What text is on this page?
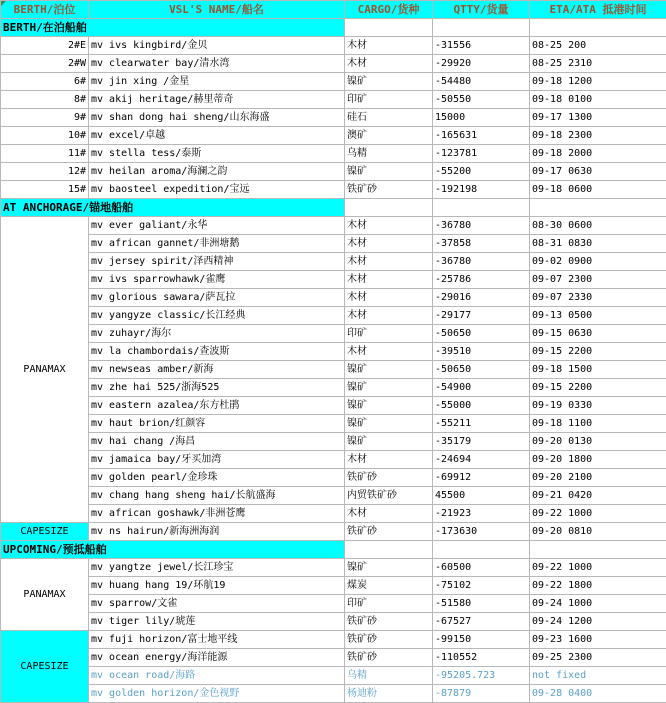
BERTH/泊位	VSL'S NAME/船名	CARGO/货种	QTTY/货量	ETA/ATA 抵港时间
BERTH/在泊船舶				
2#E	mv ivs kingbird/金贝	木材	-31556	08-25 200
2#W	mv clearwater bay/清水湾	木材	-29920	08-25 2310
6#	mv jin xing /金星	镍矿	-54480	09-18 1200
8#	mv akij heritage/赫里蒂奇	印矿	-50550	09-18 0100
9#	mv shan dong hai sheng/山东海盛	硅石	15000	09-17 1300
10#	mv excel/卓越	澳矿	-165631	09-18 2300
11#	mv stella tess/泰斯	乌精	-123781	09-18 2000
12#	mv heilan aroma/海澜之韵	镍矿	-55200	09-17 0630
15#	mv baosteel expedition/宝远	铁矿砂	-192198	09-18 0600
AT ANCHORAGE/锚地船舶				
PANAMAX	mv ever galiant/永华	木材	-36780	08-30 0600
	mv african gannet/非洲塘鹅	木材	-37858	08-31 0830
	mv jersey spirit/泽西精神	木材	-36780	09-02 0900
	mv ivs sparrowhawk/雀鹰	木材	-25786	09-07 2300
	mv glorious sawara/萨瓦拉	木材	-29016	09-07 2330
	mv yangyze classic/长江经典	木材	-29177	09-13 0500
	mv zuhayr/海尔	印矿	-50650	09-15 0630
	mv la chambordais/查波斯	木材	-39510	09-15 2200
	mv newseas amber/新海	镍矿	-50650	09-18 1500
	mv zhe hai 525/浙海525	镍矿	-54900	09-15 2200
	mv eastern azalea/东方杜鹃	镍矿	-55000	09-19 0330
	mv haut brion/红颜容	镍矿	-55211	09-18 1100
	mv hai chang /海昌	镍矿	-35179	09-20 0130
	mv jamaica bay/牙买加湾	木材	-24694	09-20 1800
	mv golden pearl/金珍珠	铁矿砂	-69912	09-20 2100
	mv chang hang sheng hai/长航盛海	内贸铁矿砂	45500	09-21 0420
	mv african goshawk/非洲苍鹰	木材	-21923	09-22 1000
CAPESIZE	mv ns hairun/新海洲海润	铁矿砂	-173630	09-20 0810
UPCOMING/预抵船舶				
PANAMAX	mv yangtze jewel/长江珍宝	镍矿	-60500	09-22 1000
	mv huang hang 19/环航19	煤炭	-75102	09-22 1800
	mv sparrow/文雀	印矿	-51580	09-24 1000
	mv tiger lily/琥莲	铁矿砂	-67527	09-24 1200
CAPESIZE	mv fuji horizon/富士地平线	铁矿砂	-99150	09-23 1600
	mv ocean energy/海洋能源	铁矿砂	-110552	09-25 2300
	mv ocean road/海路	乌精	-95205.723	not fixed
	mv golden horizon/金色视野	杨迪粉	-87879	09-28 0400
